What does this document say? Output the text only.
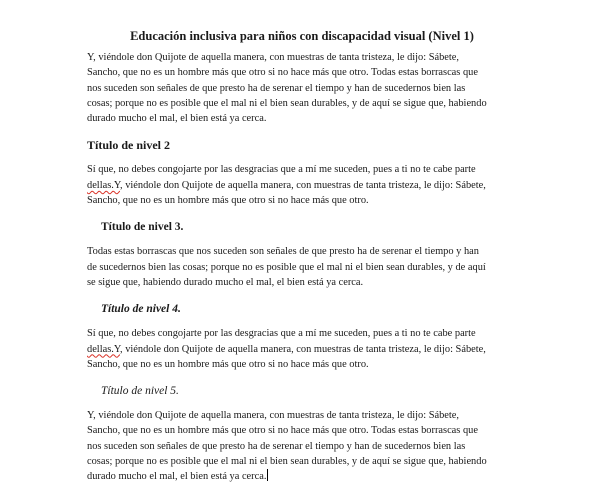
Educación inclusiva para niños con discapacidad visual (Nivel 1)

Y, viéndole don Quijote de aquella manera, con muestras de tanta tristeza, le dijo: Sábete,
Sancho, que no es un hombre más que otro si no hace más que otro. Todas estas borrascas que
nos suceden son señales de que presto ha de serenar el tiempo y han de sucedernos bien las
cosas; porque no es posible que el mal ni el bien sean durables, y de aquí se sigue que, habiendo
durado mucho el mal, el bien está ya cerca.

Título de nivel 2

Sí que, no debes congojarte por las desgracias que a mí me suceden, pues a ti no te cabe parte
dellas.Y, viéndole don Quijote de aquella manera, con muestras de tanta tristeza, le dijo: Sábete,
Sancho, que no es un hombre más que otro si no hace más que otro.

Título de nivel 3.

Todas estas borrascas que nos suceden son señales de que presto ha de serenar el tiempo y han
de sucedernos bien las cosas; porque no es posible que el mal ni el bien sean durables, y de aquí
se sigue que, habiendo durado mucho el mal, el bien está ya cerca.

Título de nivel 4.

Sí que, no debes congojarte por las desgracias que a mí me suceden, pues a ti no te cabe parte
dellas.Y, viéndole don Quijote de aquella manera, con muestras de tanta tristeza, le dijo: Sábete,
Sancho, que no es un hombre más que otro si no hace más que otro.

Título de nivel 5.

Y, viéndole don Quijote de aquella manera, con muestras de tanta tristeza, le dijo: Sábete,
Sancho, que no es un hombre más que otro si no hace más que otro. Todas estas borrascas que
nos suceden son señales de que presto ha de serenar el tiempo y han de sucedernos bien las
cosas; porque no es posible que el mal ni el bien sean durables, y de aquí se sigue que, habiendo
durado mucho el mal, el bien está ya cerca.
